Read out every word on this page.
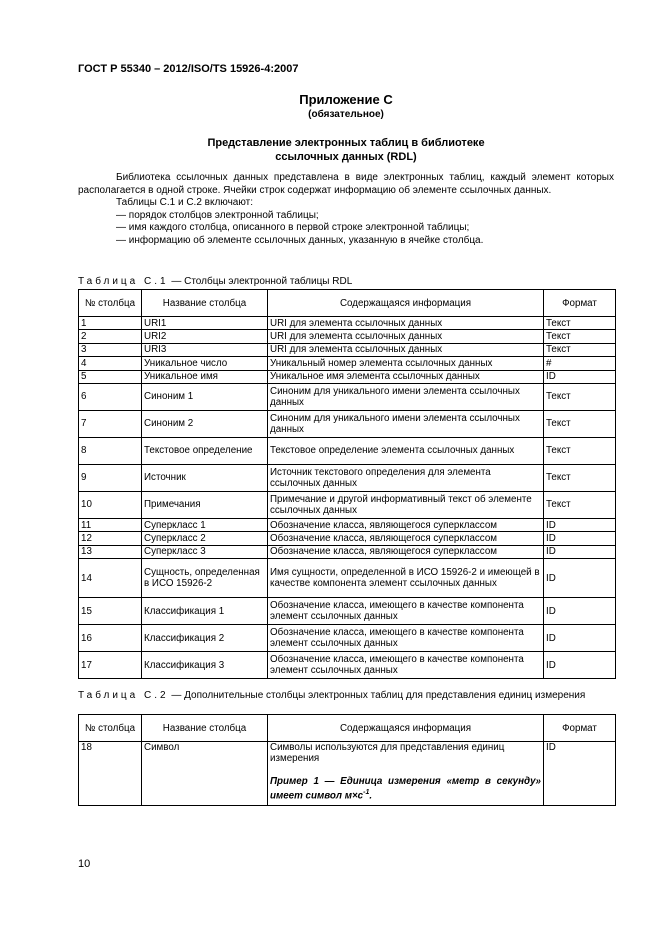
ГОСТ Р 55340 – 2012/ISO/TS 15926-4:2007
Приложение С
(обязательное)
Представление электронных таблиц в библиотеке
ссылочных данных (RDL)

Библиотека ссылочных данных представлена в виде электронных таблиц, каждый элемент которых располагается в одной строке. Ячейки строк содержат информацию об элементе ссылочных данных.

Таблицы С.1 и С.2 включают:

— порядок столбцов электронной таблицы;

— имя каждого столбца, описанного в первой строке электронной таблицы;

— информацию об элементе ссылочных данных, указанную в ячейке столбца.

Таблица С.1 — Столбцы электронной таблицы RDL
№ столбца	Название столбца	Содержащаяся информация	Формат
1	URI1	URI для элемента ссылочных данных	Текст
2	URI2	URI для элемента ссылочных данных	Текст
3	URI3	URI для элемента ссылочных данных	Текст
4	Уникальное число	Уникальный номер элемента ссылочных данных	#
5	Уникальное имя	Уникальное имя элемента ссылочных данных	ID
6	Синоним 1	Синоним для уникального имени элемента ссылочных данных	Текст
7	Синоним 2	Синоним для уникального имени элемента ссылочных данных	Текст
8	Текстовое определение	Текстовое определение элемента ссылочных данных	Текст
9	Источник	Источник текстового определения для элемента ссылочных данных	Текст
10	Примечания	Примечание и другой информативный текст об элементе ссылочных данных	Текст
11	Суперкласс 1	Обозначение класса, являющегося суперклассом	ID
12	Суперкласс 2	Обозначение класса, являющегося суперклассом	ID
13	Суперкласс 3	Обозначение класса, являющегося суперклассом	ID
14	Сущность, определенная в ИСО 15926-2	Имя сущности, определенной в ИСО 15926-2 и имеющей в качестве компонента элемент ссылочных данных	ID
15	Классификация 1	Обозначение класса, имеющего в качестве компонента элемент ссылочных данных	ID
16	Классификация 2	Обозначение класса, имеющего в качестве компонента элемент ссылочных данных	ID
17	Классификация 3	Обозначение класса, имеющего в качестве компонента элемент ссылочных данных	ID
Таблица С.2 — Дополнительные столбцы электронных таблиц для представления единиц измерения
№ столбца	Название столбца	Содержащаяся информация	Формат
18	Символ	Символы используются для представления единиц измерения
Пример 1 — Единица измерения «метр в секунду» имеет символ $м\times с^{-1}$.	ID
10
